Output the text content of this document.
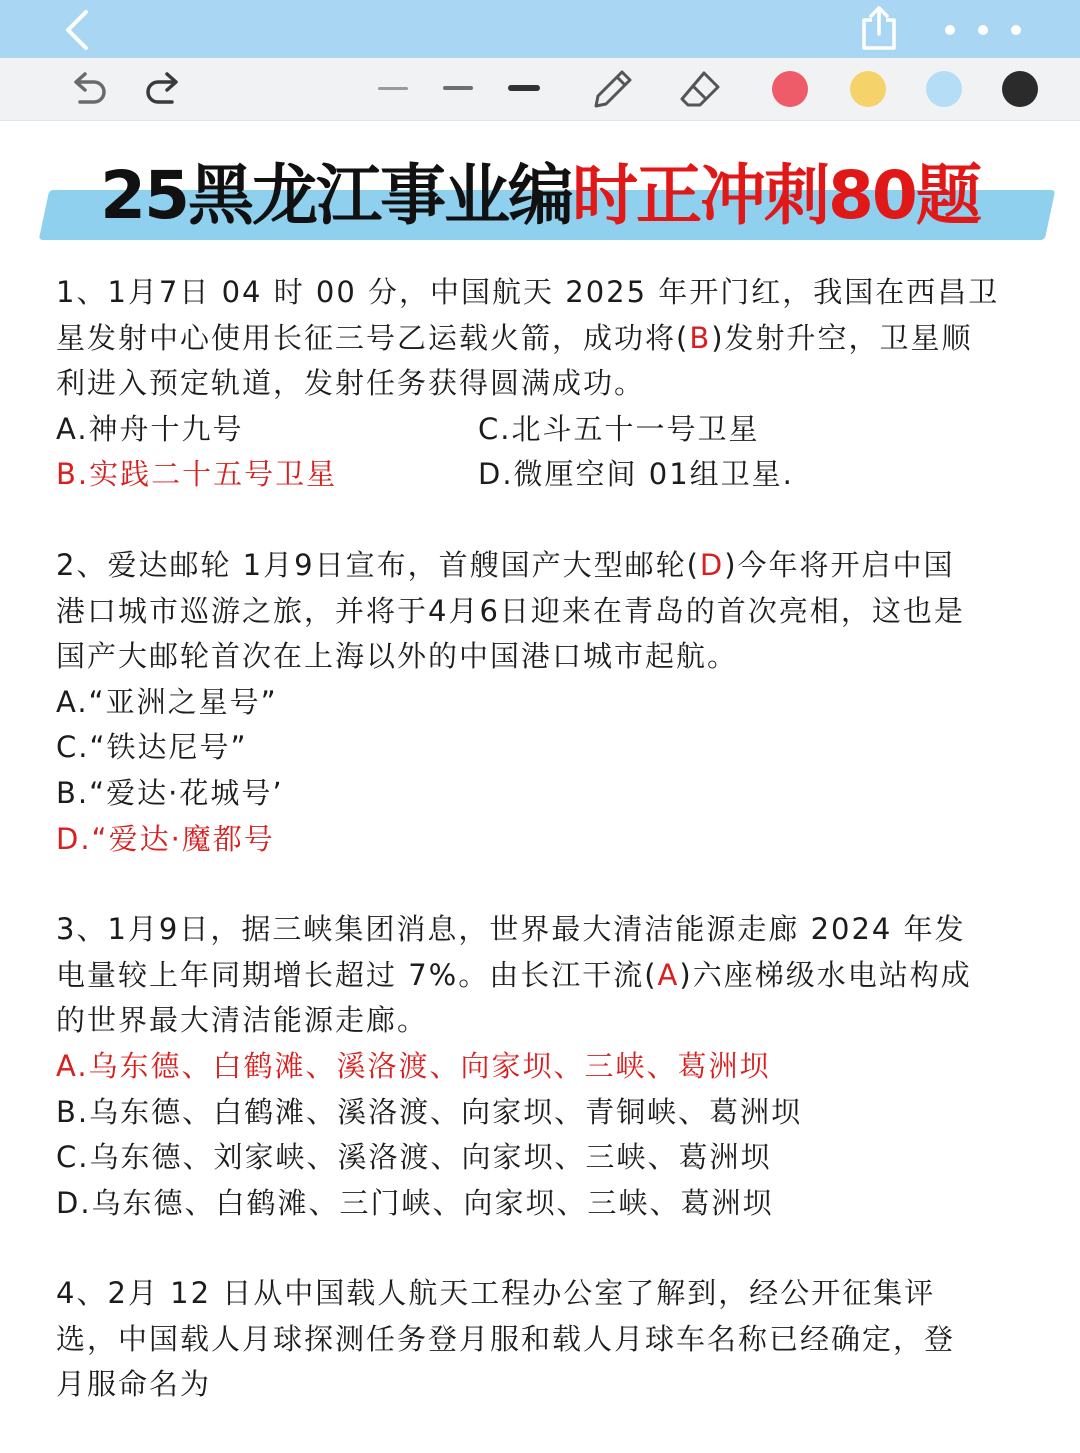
25黑龙江事业编时正冲刺80题
1、1月7日 04 时 00 分，中国航天 2025 年开门红，我国在西昌卫
星发射中心使用长征三号乙运载火箭，成功将(B)发射升空，卫星顺
利进入预定轨道，发射任务获得圆满成功。
A.神舟十九号	C.北斗五十一号卫星
B.实践二十五号卫星	D.微厘空间 01组卫星.
2、爱达邮轮 1月9日宣布，首艘国产大型邮轮(D)今年将开启中国
港口城市巡游之旅，并将于4月6日迎来在青岛的首次亮相，这也是
国产大邮轮首次在上海以外的中国港口城市起航。
A.“亚洲之星号”
C.“铁达尼号”
B.“爱达·花城号’
D.“爱达·魔都号
3、1月9日，据三峡集团消息，世界最大清洁能源走廊 2024 年发
电量较上年同期增长超过 7%。由长江干流(A)六座梯级水电站构成
的世界最大清洁能源走廊。
A.乌东德、白鹤滩、溪洛渡、向家坝、三峡、葛洲坝
B.乌东德、白鹤滩、溪洛渡、向家坝、青铜峡、葛洲坝
C.乌东德、刘家峡、溪洛渡、向家坝、三峡、葛洲坝
D.乌东德、白鹤滩、三门峡、向家坝、三峡、葛洲坝
4、2月 12 日从中国载人航天工程办公室了解到，经公开征集评
选，中国载人月球探测任务登月服和载人月球车名称已经确定，登
月服命名为
